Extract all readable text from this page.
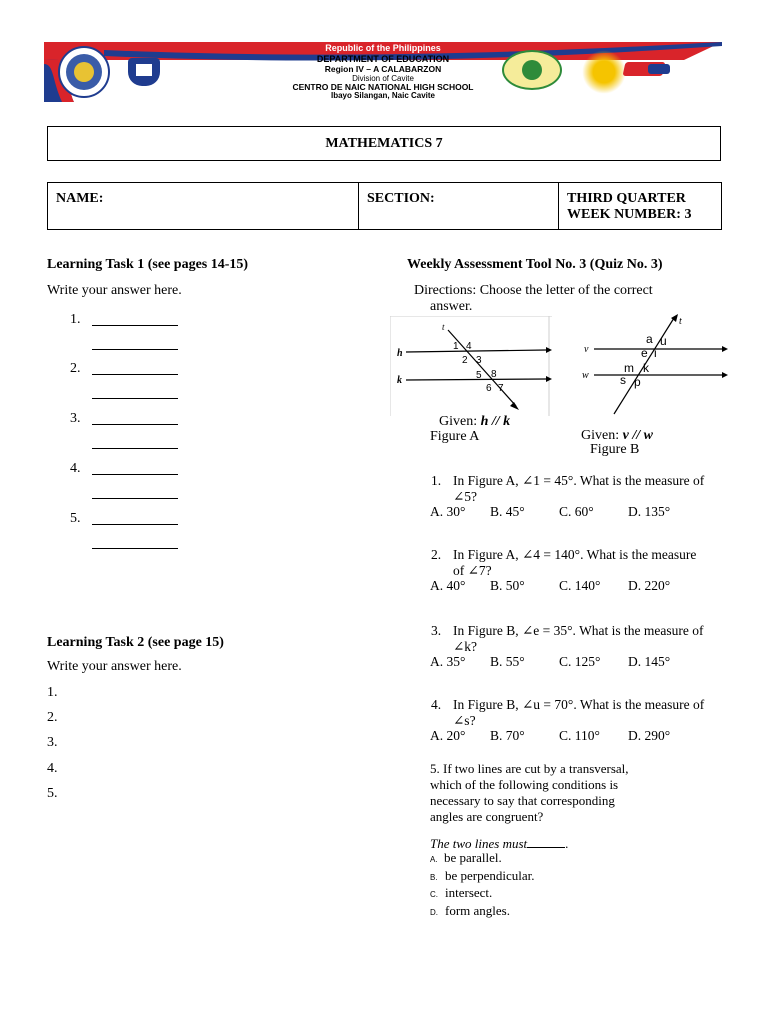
Republic of the Philippines
DEPARTMENT OF EDUCATION
Region IV – A CALABARZON
Division of Cavite
CENTRO DE NAIC NATIONAL HIGH SCHOOL
Ibayo Silangan, Naic Cavite
MATHEMATICS 7
NAME:	SECTION:	THIRD QUARTER
WEEK NUMBER: 3
Learning Task 1 (see pages 14-15)
Write your answer here.
1.
2.
3.
4.
5.
Learning Task 2 (see page 15)
Write your answer here.
1.
2.
3.
4.
5.
Weekly Assessment Tool No. 3 (Quiz No. 3)
Directions: Choose the letter of the correct
answer.
t
h
k
1 4
2 3
5 8
6 7
Given: h // k
Figure A
t
v
w
a u
e i
m k
s p
Given: v // w
Figure B
1. In Figure A, ∠1 = 45°. What is the measure of
∠5?
A. 30° B. 45°	C. 60°	D. 135°
2. In Figure A, ∠4 = 140°. What is the measure
of ∠7?
A. 40° B. 50°	C. 140° D. 220°
3. In Figure B, ∠e = 35°. What is the measure of
∠k?
A. 35° B. 55°	C. 125° D. 145°
4. In Figure B, ∠u = 70°. What is the measure of
∠s?
A. 20° B. 70°	C. 110° D. 290°
5. If two lines are cut by a transversal,
which of the following conditions is
necessary to say that corresponding
angles are congruent?
The two lines must	.
A. be parallel.
B. be perpendicular.
C. intersect.
D. form angles.
